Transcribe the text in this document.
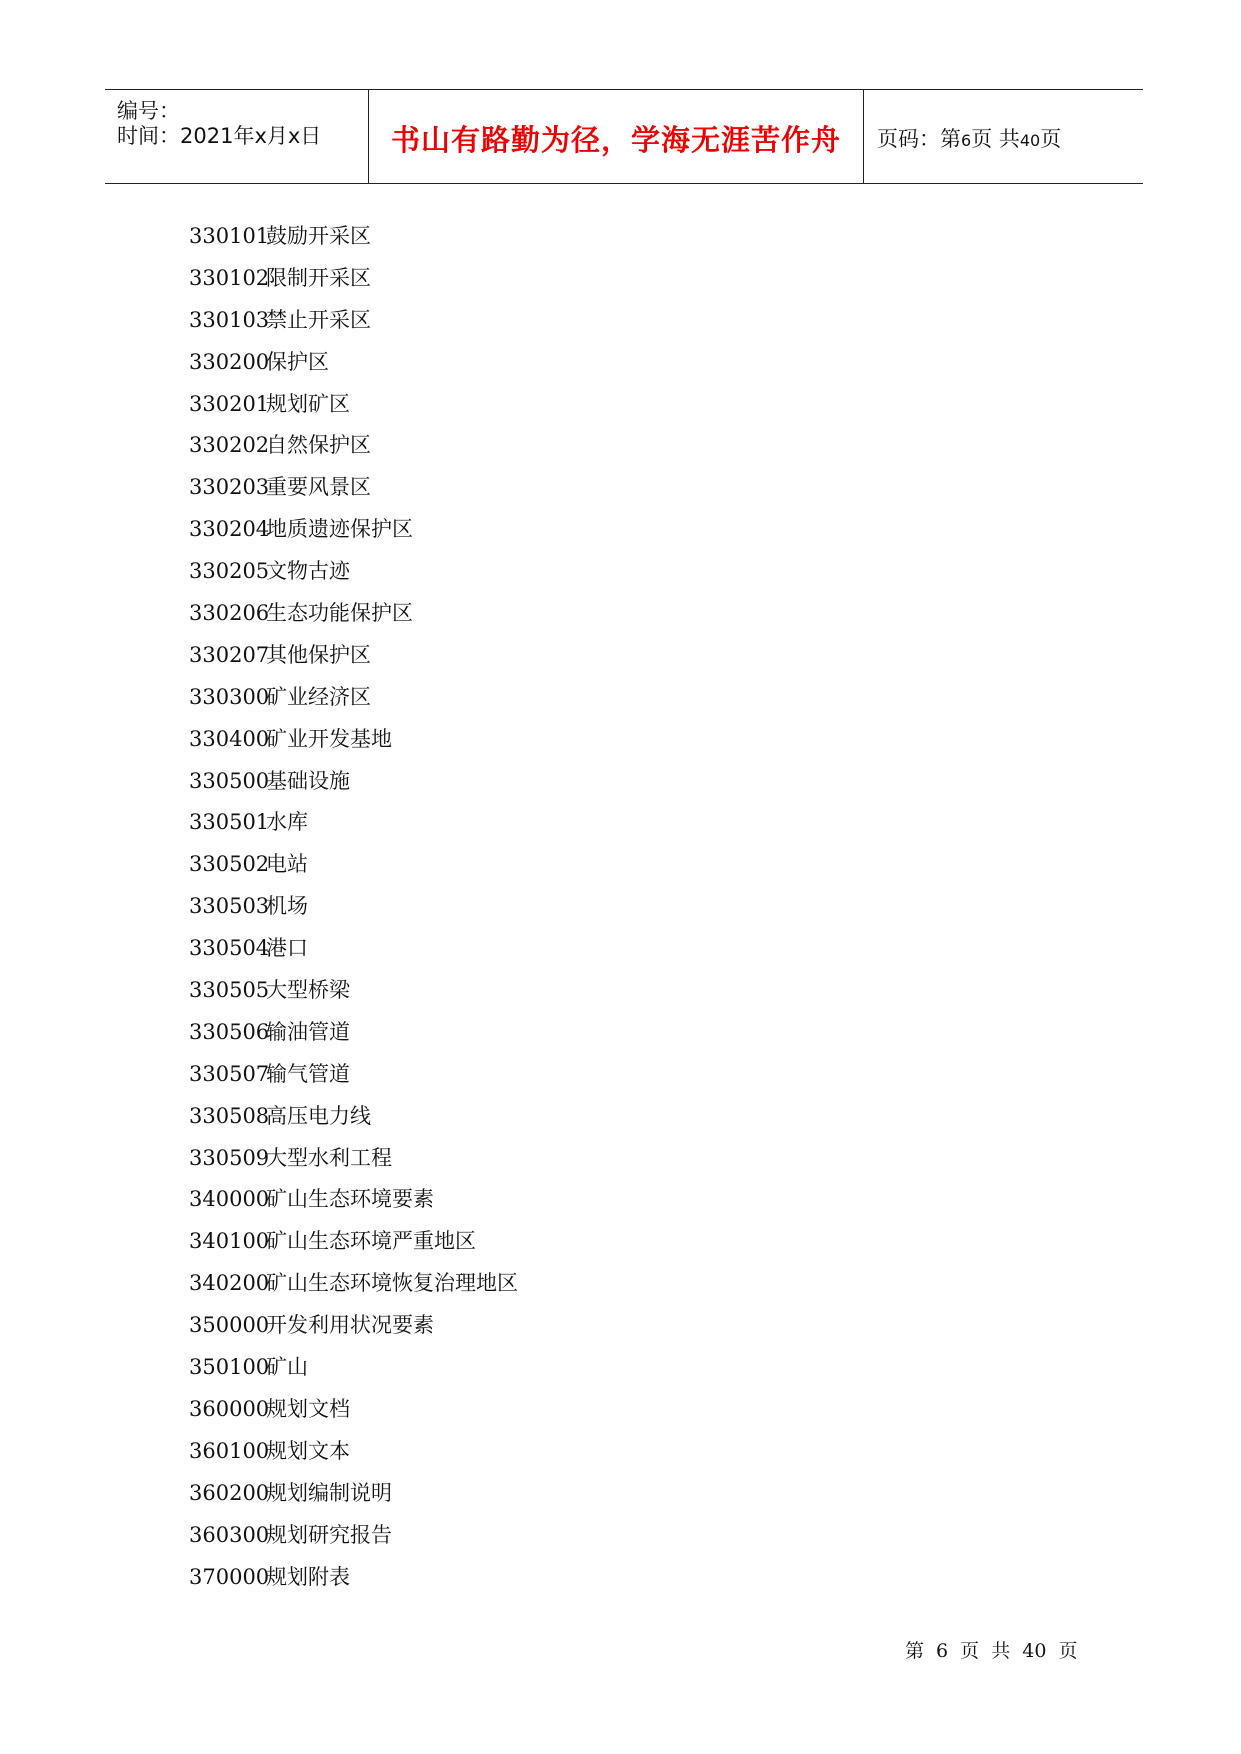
编号：
时间：2021年x月x日	书山有路勤为径，学海无涯苦作舟	页码：第6页 共40页
330101鼓励开采区
330102限制开采区
330103禁止开采区
330200保护区
330201规划矿区
330202自然保护区
330203重要风景区
330204地质遗迹保护区
330205文物古迹
330206生态功能保护区
330207其他保护区
330300矿业经济区
330400矿业开发基地
330500基础设施
330501水库
330502电站
330503机场
330504港口
330505大型桥梁
330506输油管道
330507输气管道
330508高压电力线
330509大型水利工程
340000矿山生态环境要素
340100矿山生态环境严重地区
340200矿山生态环境恢复治理地区
350000开发利用状况要素
350100矿山
360000规划文档
360100规划文本
360200规划编制说明
360300规划研究报告
370000规划附表
第 6 页 共 40 页
